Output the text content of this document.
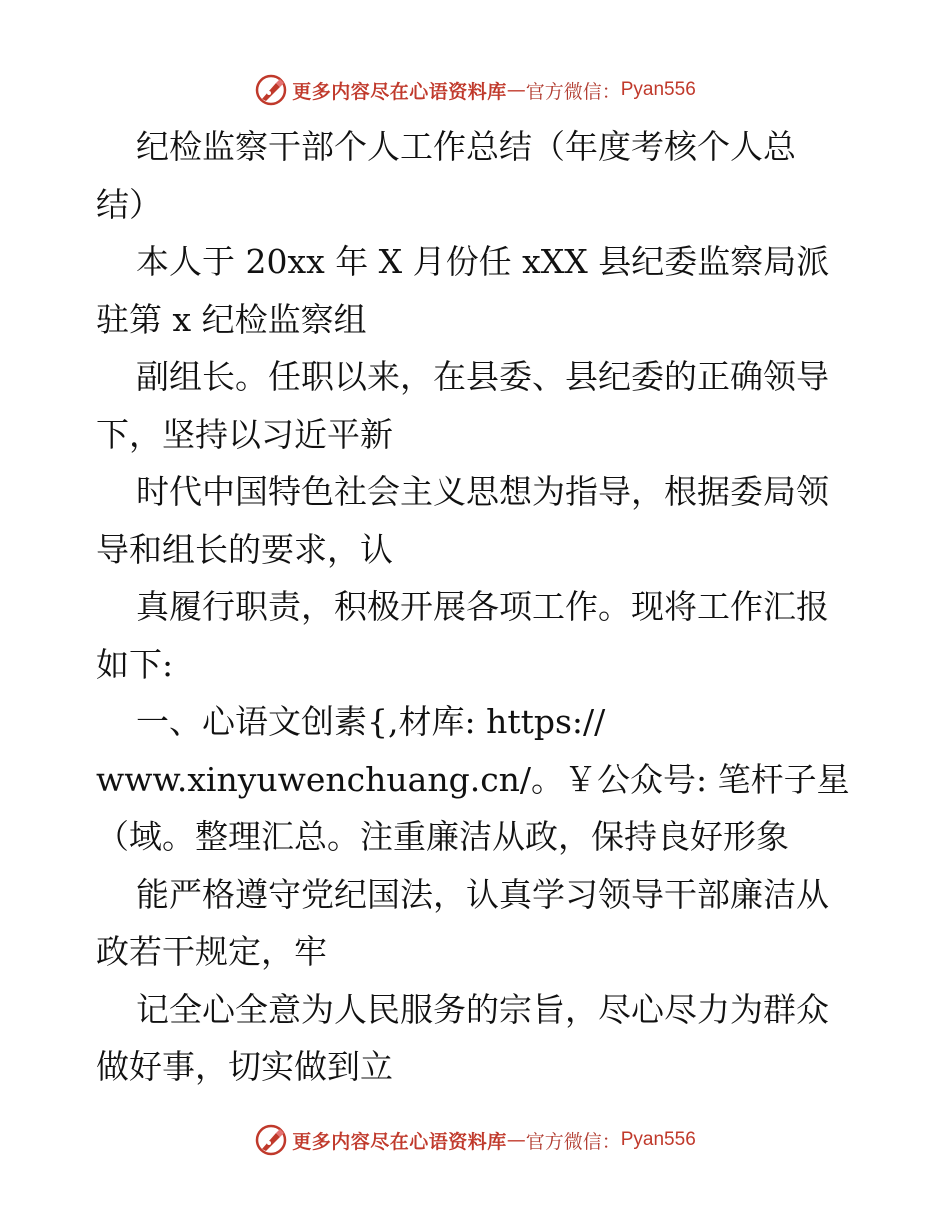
更多内容尽在心语资料库 — 官方微信： Pyan556
纪检监察干部个人工作总结（年度考核个人总
结）
本人于 20xx 年 X 月份任 xXX 县纪委监察局派
驻第 x 纪检监察组
副组长。任职以来，在县委、县纪委的正确领导
下，坚持以习近平新
时代中国特色社会主义思想为指导，根据委局领
导和组长的要求，认
真履行职责，积极开展各项工作。现将工作汇报
如下:
一、心语文创素{,材库: https://
www.xinyuwenchuang.cn/。￥公众号: 笔杆子星
（域。整理汇总。注重廉洁从政，保持良好形象
能严格遵守党纪国法，认真学习领导干部廉洁从
政若干规定，牢
记全心全意为人民服务的宗旨，尽心尽力为群众
做好事，切实做到立
更多内容尽在心语资料库 — 官方微信： Pyan556
